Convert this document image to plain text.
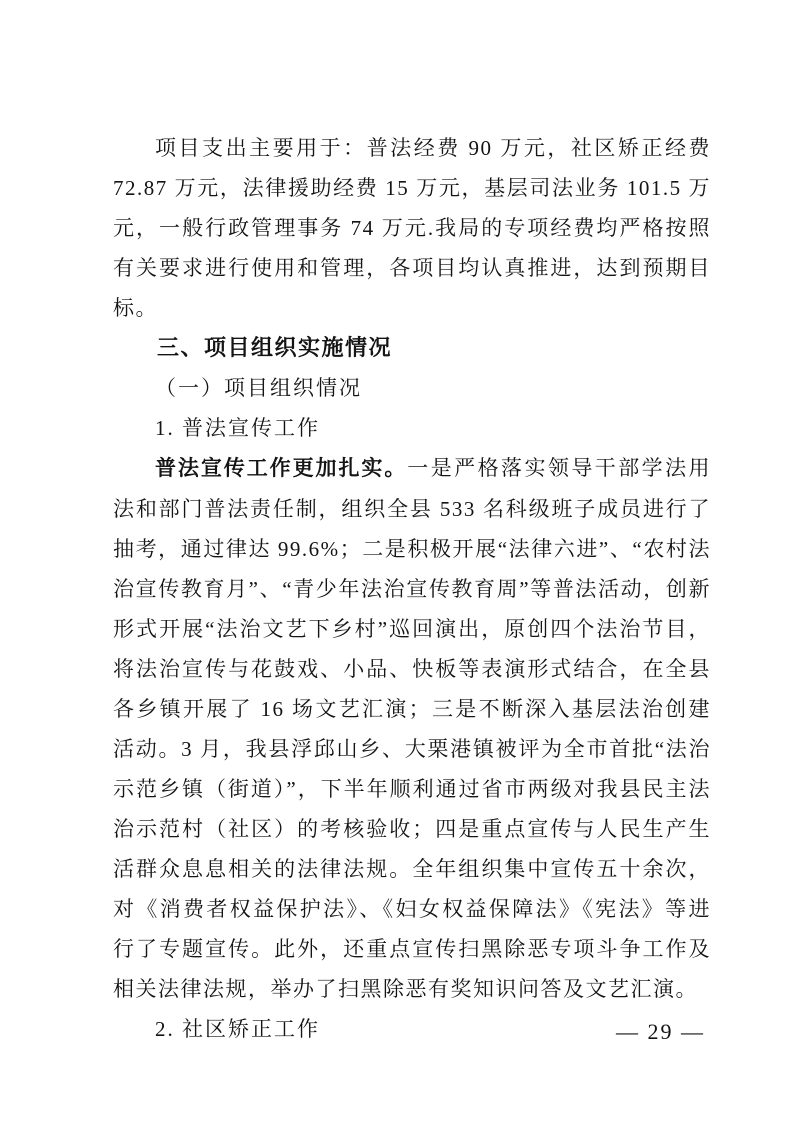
项目支出主要用于：普法经费 90 万元，社区矫正经费 72.87 万元，法律援助经费 15 万元，基层司法业务 101.5 万元，一般行政管理事务 74 万元.我局的专项经费均严格按照有关要求进行使用和管理，各项目均认真推进，达到预期目标。

三、项目组织实施情况
（一）项目组织情况
1. 普法宣传工作

普法宣传工作更加扎实。一是严格落实领导干部学法用法和部门普法责任制，组织全县 533 名科级班子成员进行了抽考，通过律达 99.6%；二是积极开展“法律六进”、“农村法治宣传教育月”、“青少年法治宣传教育周”等普法活动，创新形式开展“法治文艺下乡村”巡回演出，原创四个法治节目，将法治宣传与花鼓戏、小品、快板等表演形式结合，在全县各乡镇开展了 16 场文艺汇演；三是不断深入基层法治创建活动。3 月，我县浮邱山乡、大栗港镇被评为全市首批“法治示范乡镇（街道）”，下半年顺利通过省市两级对我县民主法治示范村（社区）的考核验收；四是重点宣传与人民生产生活群众息息相关的法律法规。全年组织集中宣传五十余次，对《消费者权益保护法》、《妇女权益保障法》《宪法》等进行了专题宣传。此外，还重点宣传扫黑除恶专项斗争工作及相关法律法规，举办了扫黑除恶有奖知识问答及文艺汇演。

2. 社区矫正工作	— 29 —
